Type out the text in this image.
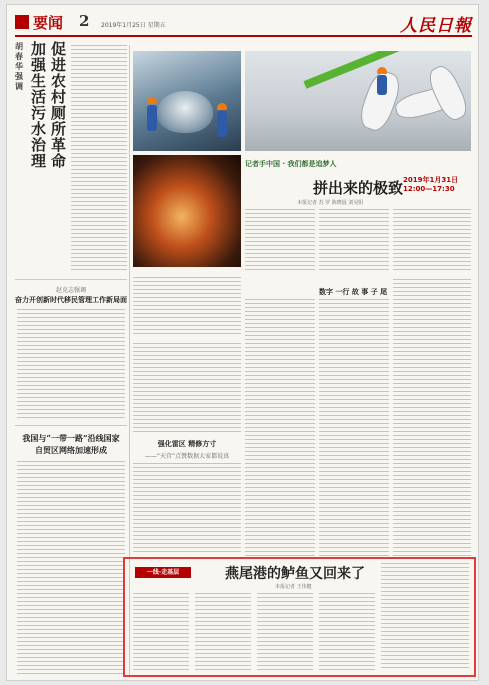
要闻 2 2019年1月25日 星期五	人民日報
胡春华强调
加强生活污水治理
促进农村厕所革命
赵克志强调
奋力开创新时代移民管理工作新局面
我国与“一带一路”沿线国家
自贸区网络加速形成
记者手中国 · 我们都是追梦人
拼出来的极致
本报记者 苏 罗 陈晓晨 刘昊阳
2019年1月31日
12:00—17:30
数字 一行 故 事 子 尾
强化雷区 精修方寸
——“天宫”点赞数据大家都说真
一线·走基层	燕尾港的鲈鱼又回来了
本报记者 王伟健
